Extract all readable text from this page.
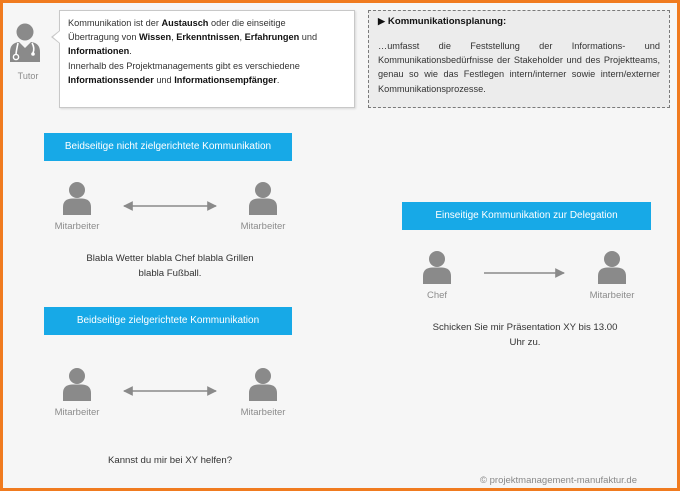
Tutor
Kommunikation ist der Austausch oder die einseitige
Übertragung von Wissen, Erkenntnissen, Erfahrungen und
Informationen.
Innerhalb des Projektmanagements gibt es verschiedene
Informationssender und Informationsempfänger.
▶ Kommunikationsplanung:
…umfasst die Feststellung der Informations- und Kommunikationsbedürfnisse der Stakeholder und des Projektteams, genau so wie das Festlegen intern/interner sowie intern/externer Kommunikationsprozesse.
Beidseitige nicht zielgerichtete Kommunikation
Mitarbeiter	Mitarbeiter
Blabla Wetter blabla Chef blabla Grillen
blabla Fußball.
Beidseitige zielgerichtete Kommunikation
Mitarbeiter	Mitarbeiter
Kannst du mir bei XY helfen?
Einseitige Kommunikation zur Delegation
Chef	Mitarbeiter
Schicken Sie mir Präsentation XY bis 13.00
Uhr zu.
© projektmanagement-manufaktur.de
